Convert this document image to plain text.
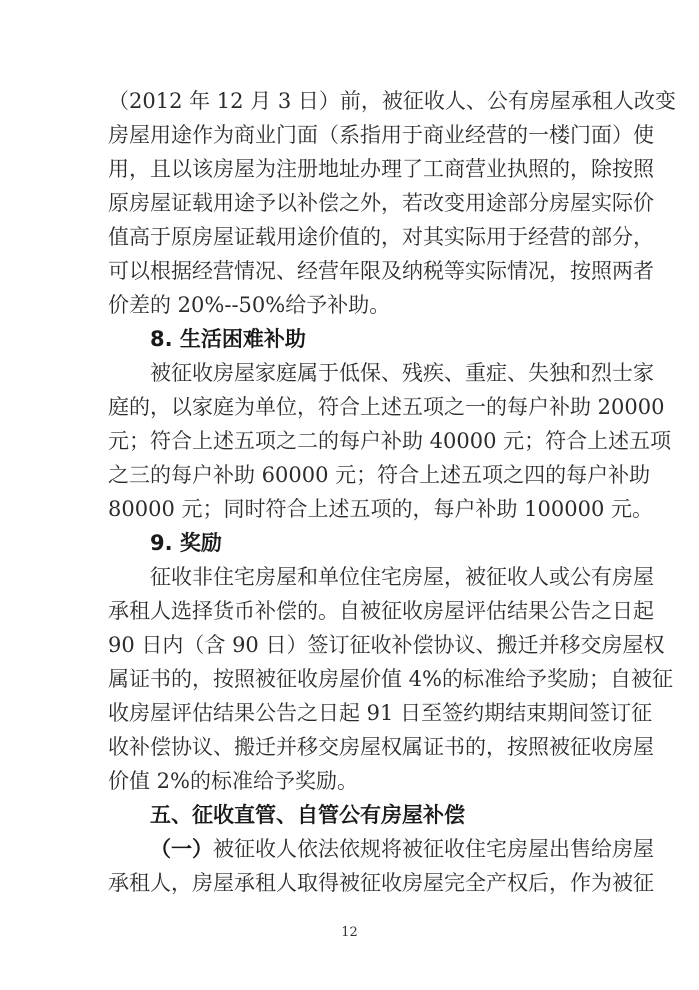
（2012 年 12 月 3 日）前，被征收人、公有房屋承租人改变
房屋用途作为商业门面（系指用于商业经营的一楼门面）使
用，且以该房屋为注册地址办理了工商营业执照的，除按照
原房屋证载用途予以补偿之外，若改变用途部分房屋实际价
值高于原房屋证载用途价值的，对其实际用于经营的部分，
可以根据经营情况、经营年限及纳税等实际情况，按照两者
价差的 20%--50%给予补助。
8. 生活困难补助
被征收房屋家庭属于低保、残疾、重症、失独和烈士家
庭的，以家庭为单位，符合上述五项之一的每户补助 20000
元；符合上述五项之二的每户补助 40000 元；符合上述五项
之三的每户补助 60000 元；符合上述五项之四的每户补助
80000 元；同时符合上述五项的，每户补助 100000 元。
9. 奖励
征收非住宅房屋和单位住宅房屋，被征收人或公有房屋
承租人选择货币补偿的。自被征收房屋评估结果公告之日起
90 日内（含 90 日）签订征收补偿协议、搬迁并移交房屋权
属证书的，按照被征收房屋价值 4%的标准给予奖励；自被征
收房屋评估结果公告之日起 91 日至签约期结束期间签订征
收补偿协议、搬迁并移交房屋权属证书的，按照被征收房屋
价值 2%的标准给予奖励。
五、征收直管、自管公有房屋补偿
（一）被征收人依法依规将被征收住宅房屋出售给房屋
承租人，房屋承租人取得被征收房屋完全产权后，作为被征
12
